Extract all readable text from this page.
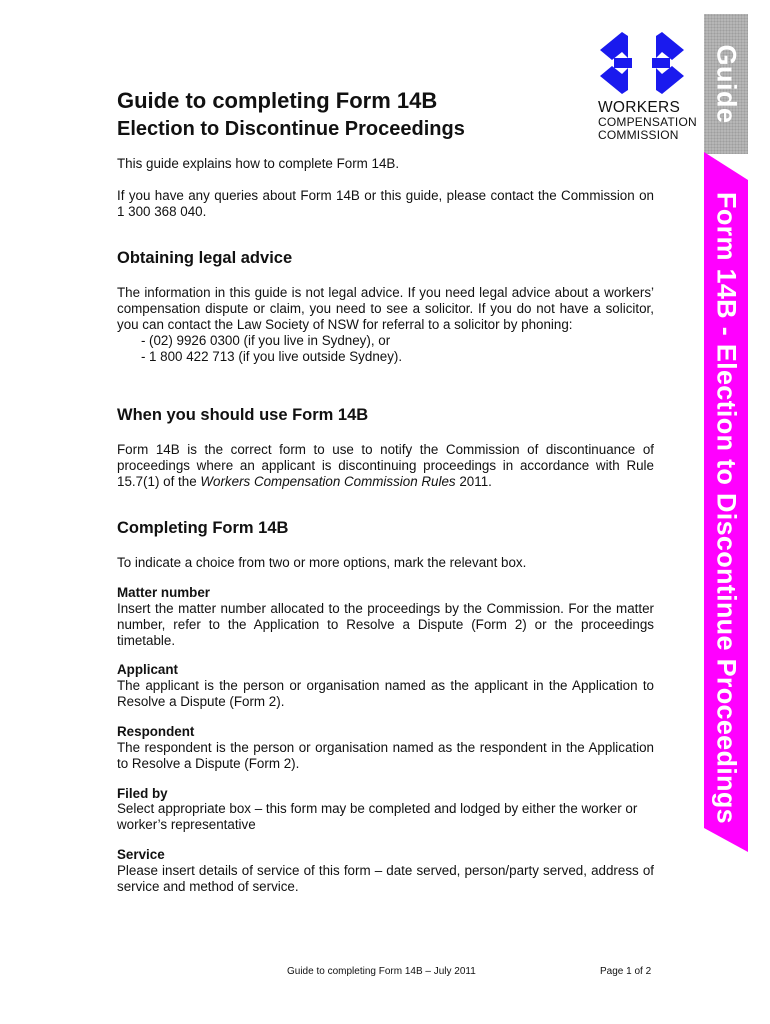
Guide
Form 14B - Election to Discontinue Proceedings
WORKERS
COMPENSATION
COMMISSION
Guide to completing Form 14B
Election to Discontinue Proceedings

This guide explains how to complete Form 14B.

If you have any queries about Form 14B or this guide, please contact the Commission on 1 300 368 040.

Obtaining legal advice
The information in this guide is not legal advice. If you need legal advice about a workers’ compensation dispute or claim, you need to see a solicitor. If you do not have a solicitor, you can contact the Law Society of NSW for referral to a solicitor by phoning:
- (02) 9926 0300 (if you live in Sydney), or
- 1 800 422 713 (if you live outside Sydney).
When you should use Form 14B

Form 14B is the correct form to use to notify the Commission of discontinuance of proceedings where an applicant is discontinuing proceedings in accordance with Rule 15.7(1) of the Workers Compensation Commission Rules 2011.

Completing Form 14B

To indicate a choice from two or more options, mark the relevant box.

Matter number

Insert the matter number allocated to the proceedings by the Commission. For the matter number, refer to the Application to Resolve a Dispute (Form 2) or the proceedings timetable.

Applicant

The applicant is the person or organisation named as the applicant in the Application to Resolve a Dispute (Form 2).

Respondent

The respondent is the person or organisation named as the respondent in the Application to Resolve a Dispute (Form 2).

Filed by

Select appropriate box – this form may be completed and lodged by either the worker or worker’s representative

Service

Please insert details of service of this form – date served, person/party served, address of service and method of service.

Guide to completing Form 14B – July 2011	Page 1 of 2
